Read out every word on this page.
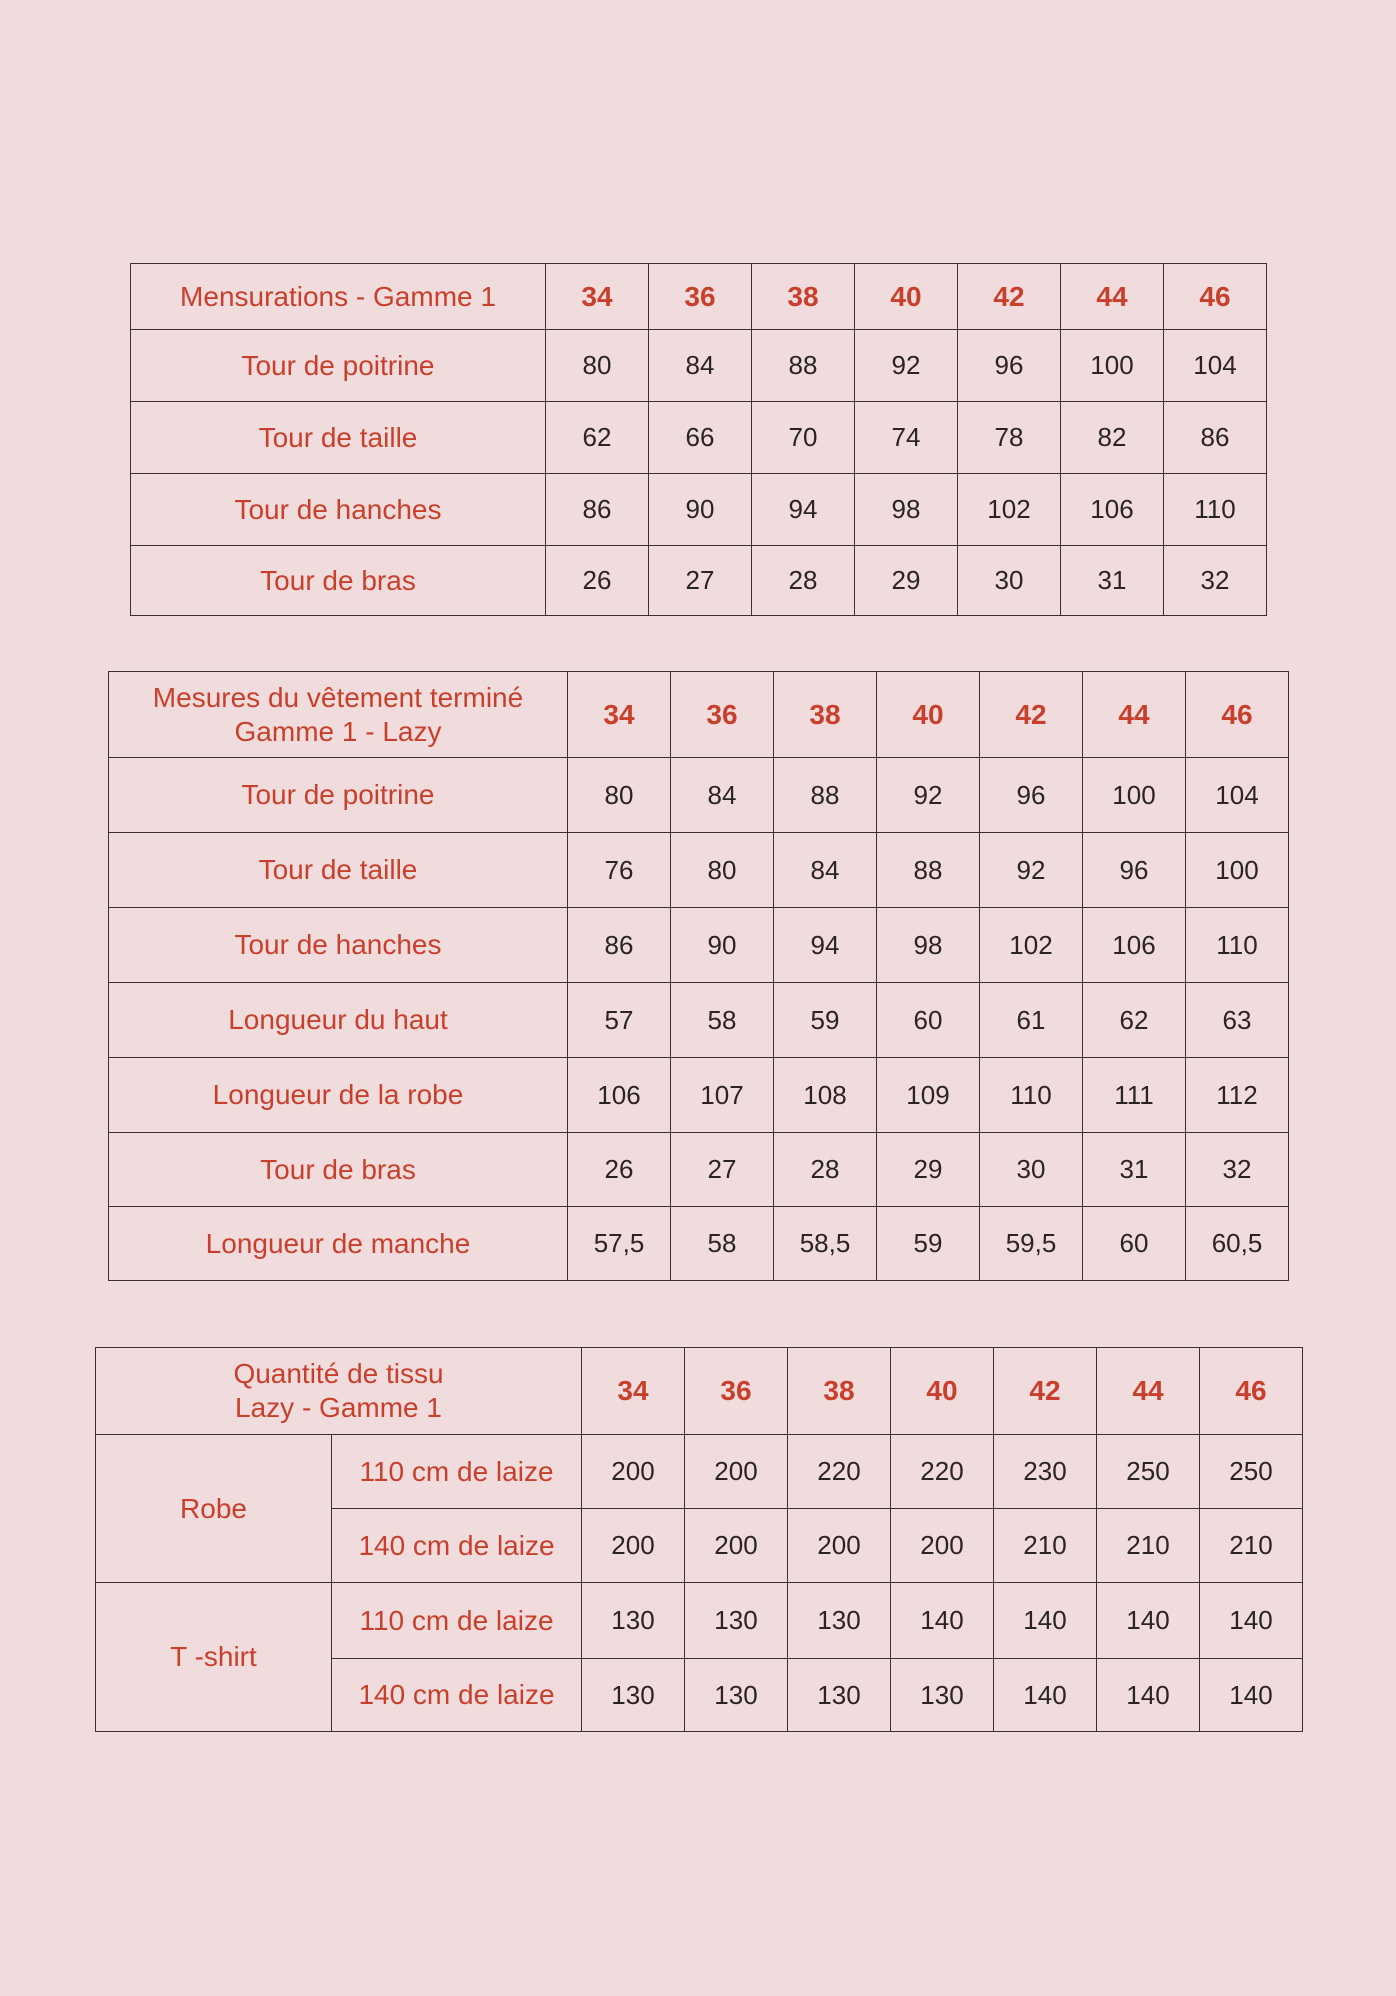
Mensurations - Gamme 1	34	36	38	40	42	44	46
Tour de poitrine	80	84	88	92	96	100	104
Tour de taille	62	66	70	74	78	82	86
Tour de hanches	86	90	94	98	102	106	110
Tour de bras	26	27	28	29	30	31	32
Mesures du vêtement terminé
Gamme 1 - Lazy	34	36	38	40	42	44	46
Tour de poitrine	80	84	88	92	96	100	104
Tour de taille	76	80	84	88	92	96	100
Tour de hanches	86	90	94	98	102	106	110
Longueur du haut	57	58	59	60	61	62	63
Longueur de la robe	106	107	108	109	110	111	112
Tour de bras	26	27	28	29	30	31	32
Longueur de manche	57,5	58	58,5	59	59,5	60	60,5
Quantité de tissu
Lazy - Gamme 1		34	36	38	40	42	44	46
Robe	110 cm de laize	200	200	220	220	230	250	250
	140 cm de laize	200	200	200	200	210	210	210
T -shirt	110 cm de laize	130	130	130	140	140	140	140
	140 cm de laize	130	130	130	130	140	140	140
